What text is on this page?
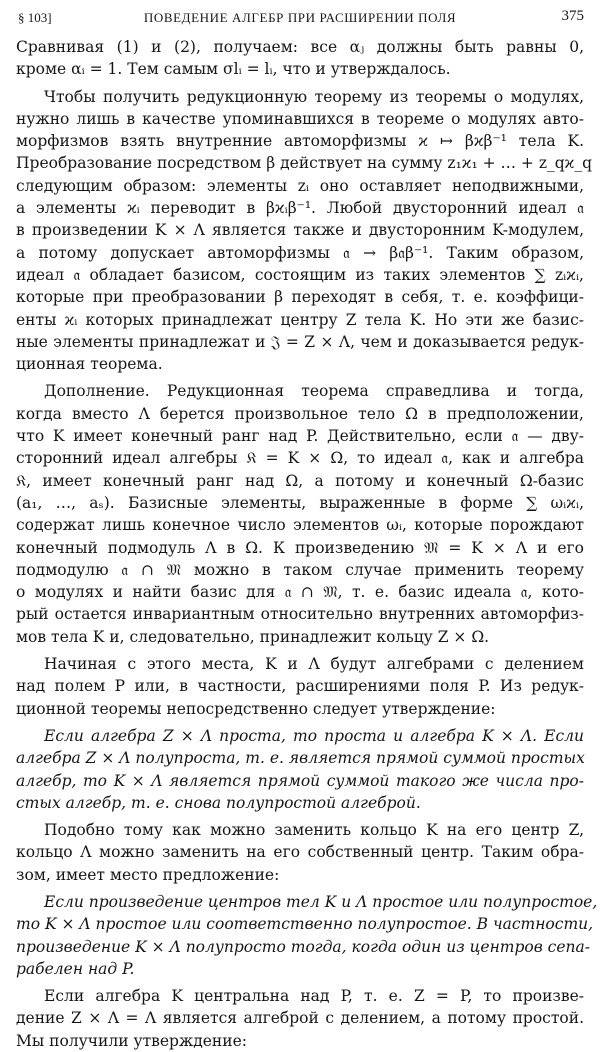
§ 103]	ПОВЕДЕНИЕ АЛГЕБР ПРИ РАСШИРЕНИИ ПОЛЯ	375
Сравнивая (1) и (2), получаем: все αⱼ должны быть равны 0,
кроме αᵢ = 1. Тем самым σlᵢ = lᵢ, что и утверждалось.
Чтобы получить редукционную теорему из теоремы о модулях,
нужно лишь в качестве упоминавшихся в теореме о модулях авто-
морфизмов взять внутренние автоморфизмы ϰ ↦ βϰβ⁻¹ тела K.
Преобразование посредством β действует на сумму z₁ϰ₁ + … + z_qϰ_q
следующим образом: элементы zᵢ оно оставляет неподвижными,
а элементы ϰᵢ переводит в βϰᵢβ⁻¹. Любой двусторонний идеал 𝔞
в произведении K × Λ является также и двусторонним K-модулем,
а потому допускает автоморфизмы 𝔞 → β𝔞β⁻¹. Таким образом,
идеал 𝔞 обладает базисом, состоящим из таких элементов ∑ zᵢϰᵢ,
которые при преобразовании β переходят в себя, т. е. коэффици-
енты ϰᵢ которых принадлежат центру Z тела K. Но эти же базис-
ные элементы принадлежат и 𝔍 = Z × Λ, чем и доказывается редук-
ционная теорема.
Дополнение. Редукционная теорема справедлива и тогда,
когда вместо Λ берется произвольное тело Ω в предположении,
что K имеет конечный ранг над P. Действительно, если 𝔞 — дву-
сторонний идеал алгебры 𝔎 = K × Ω, то идеал 𝔞, как и алгебра
𝔎, имеет конечный ранг над Ω, а потому и конечный Ω-базис
(a₁, …, aₛ). Базисные элементы, выраженные в форме ∑ ωᵢϰᵢ,
содержат лишь конечное число элементов ωᵢ, которые порождают
конечный подмодуль Λ в Ω. К произведению 𝔐 = K × Λ и его
подмодулю 𝔞 ∩ 𝔐 можно в таком случае применить теорему
о модулях и найти базис для 𝔞 ∩ 𝔐, т. е. базис идеала 𝔞, кото-
рый остается инвариантным относительно внутренних автоморфиз-
мов тела K и, следовательно, принадлежит кольцу Z × Ω.
Начиная с этого места, K и Λ будут алгебрами с делением
над полем P или, в частности, расширениями поля P. Из редук-
ционной теоремы непосредственно следует утверждение:
Если алгебра Z × Λ проста, то проста и алгебра K × Λ. Если
алгебра Z × Λ полупроста, т. е. является прямой суммой простых
алгебр, то K × Λ является прямой суммой такого же числа про-
стых алгебр, т. е. снова полупростой алгеброй.
Подобно тому как можно заменить кольцо K на его центр Z,
кольцо Λ можно заменить на его собственный центр. Таким обра-
зом, имеет место предложение:
Если произведение центров тел K и Λ простое или полупростое,
то K × Λ простое или соответственно полупростое. В частности,
произведение K × Λ полупросто тогда, когда один из центров сепа-
рабелен над P.
Если алгебра K центральна над P, т. е. Z = P, то произве-
дение Z × Λ = Λ является алгеброй с делением, а потому простой.
Мы получили утверждение:
